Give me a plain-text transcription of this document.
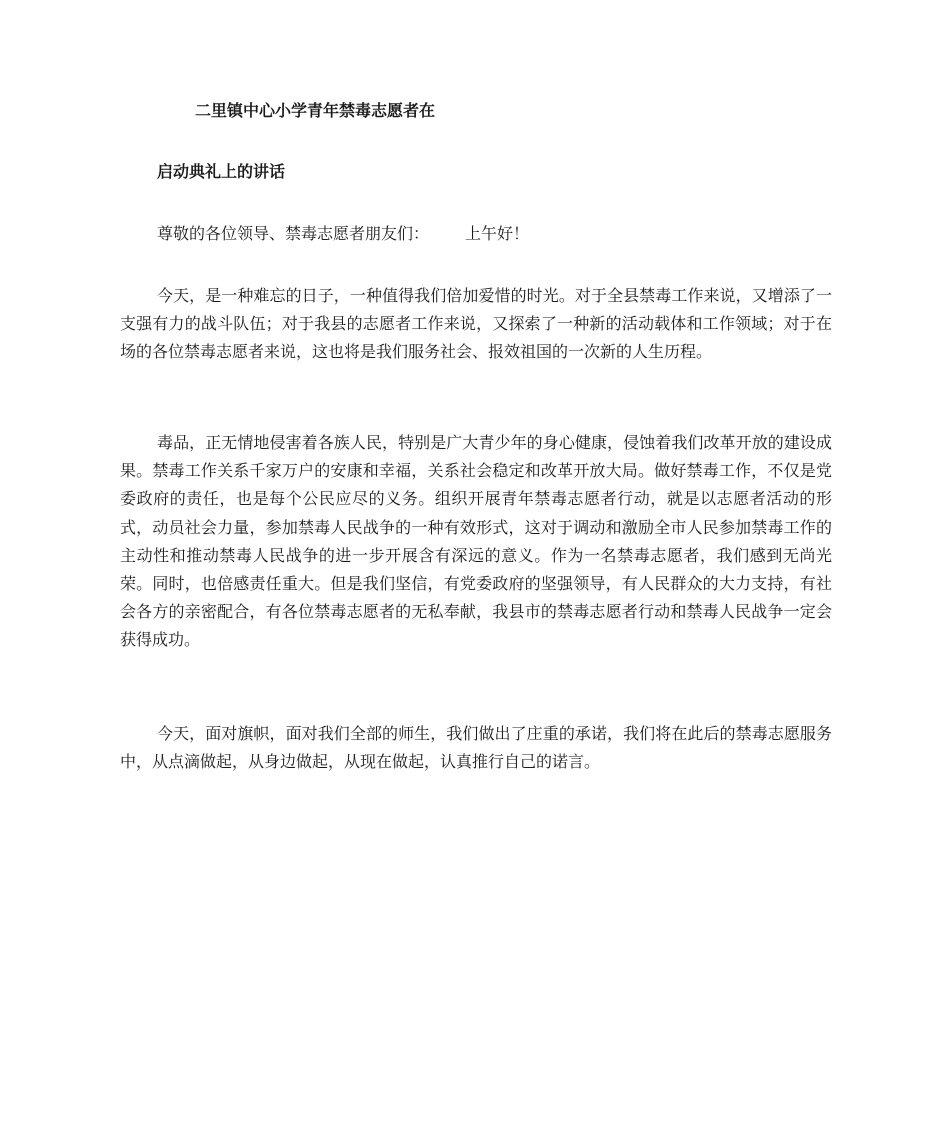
二里镇中心小学青年禁毒志愿者在
启动典礼上的讲话
尊敬的各位领导、禁毒志愿者朋友们： 上午好！

今天，是一种难忘的日子，一种值得我们倍加爱惜的时光。对于全县禁毒工作来说，又增添了一支强有力的战斗队伍；对于我县的志愿者工作来说，又探索了一种新的活动载体和工作领域；对于在场的各位禁毒志愿者来说，这也将是我们服务社会、报效祖国的一次新的人生历程。

毒品，正无情地侵害着各族人民，特别是广大青少年的身心健康，侵蚀着我们改革开放的建设成果。禁毒工作关系千家万户的安康和幸福，关系社会稳定和改革开放大局。做好禁毒工作，不仅是党委政府的责任，也是每个公民应尽的义务。组织开展青年禁毒志愿者行动，就是以志愿者活动的形式，动员社会力量，参加禁毒人民战争的一种有效形式，这对于调动和激励全市人民参加禁毒工作的主动性和推动禁毒人民战争的进一步开展含有深远的意义。作为一名禁毒志愿者，我们感到无尚光荣。同时，也倍感责任重大。但是我们坚信，有党委政府的坚强领导，有人民群众的大力支持，有社会各方的亲密配合，有各位禁毒志愿者的无私奉献，我县市的禁毒志愿者行动和禁毒人民战争一定会获得成功。

今天，面对旗帜，面对我们全部的师生，我们做出了庄重的承诺，我们将在此后的禁毒志愿服务中，从点滴做起，从身边做起，从现在做起，认真推行自己的诺言。
